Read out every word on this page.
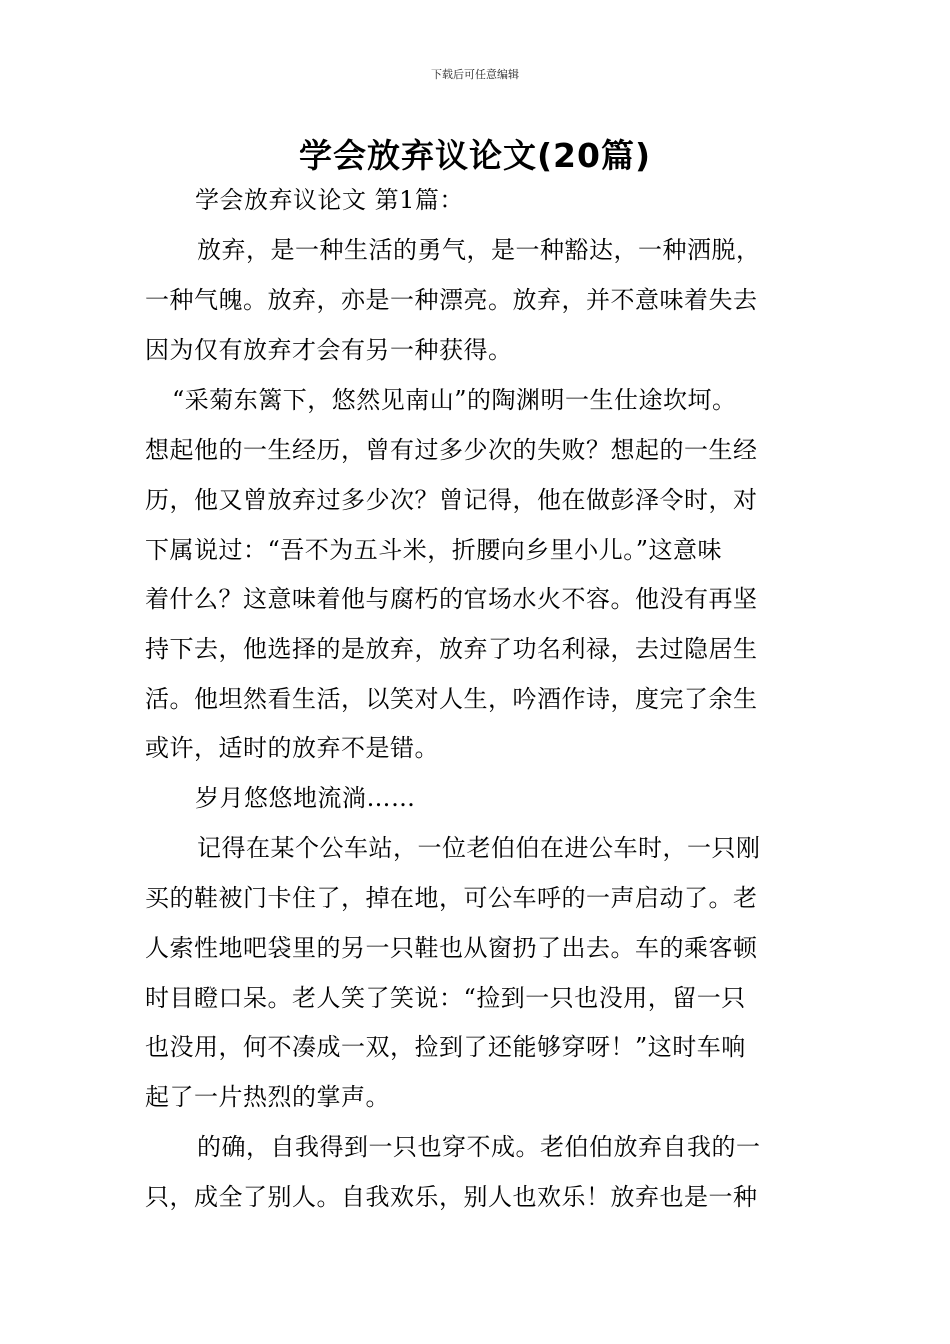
下载后可任意编辑
学会放弃议论文(20篇)
学会放弃议论文 第1篇：
放弃，是一种生活的勇气，是一种豁达，一种洒脱，
一种气魄。放弃，亦是一种漂亮。放弃，并不意味着失去
因为仅有放弃才会有另一种获得。
“采菊东篱下，悠然见南山”的陶渊明一生仕途坎坷。
想起他的一生经历，曾有过多少次的失败？想起的一生经
历，他又曾放弃过多少次？曾记得，他在做彭泽令时，对
下属说过：“吾不为五斗米，折腰向乡里小儿。”这意味
着什么？这意味着他与腐朽的官场水火不容。他没有再坚
持下去，他选择的是放弃，放弃了功名利禄，去过隐居生
活。他坦然看生活，以笑对人生，吟酒作诗，度完了余生
或许，适时的放弃不是错。
岁月悠悠地流淌……
记得在某个公车站，一位老伯伯在进公车时，一只刚
买的鞋被门卡住了，掉在地，可公车呼的一声启动了。老
人索性地吧袋里的另一只鞋也从窗扔了出去。车的乘客顿
时目瞪口呆。老人笑了笑说：“捡到一只也没用，留一只
也没用，何不凑成一双，捡到了还能够穿呀！”这时车响
起了一片热烈的掌声。
的确，自我得到一只也穿不成。老伯伯放弃自我的一
只，成全了别人。自我欢乐，别人也欢乐！放弃也是一种
